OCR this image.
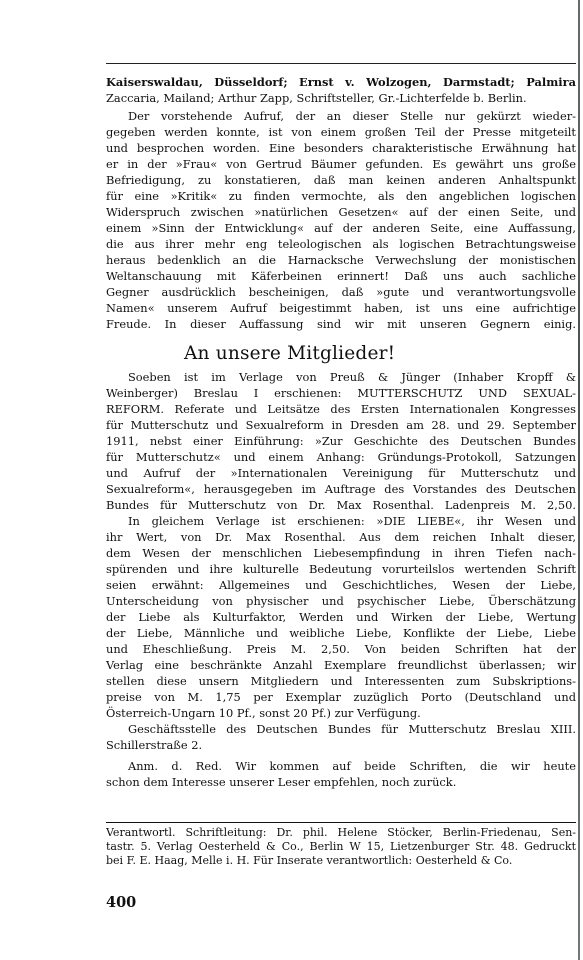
Kaiserswaldau, Düsseldorf; Ernst v. Wolzogen, Darmstadt; Palmira
Zaccaria, Mailand; Arthur Zapp, Schriftsteller, Gr.-Lichterfelde b. Berlin.
Der vorstehende Aufruf, der an dieser Stelle nur gekürzt wieder-
gegeben werden konnte, ist von einem großen Teil der Presse mitgeteilt
und besprochen worden. Eine besonders charakteristische Erwähnung hat
er in der »Frau« von Gertrud Bäumer gefunden. Es gewährt uns große
Befriedigung, zu konstatieren, daß man keinen anderen Anhaltspunkt
für eine »Kritik« zu finden vermochte, als den angeblichen logischen
Widerspruch zwischen »natürlichen Gesetzen« auf der einen Seite, und
einem »Sinn der Entwicklung« auf der anderen Seite, eine Auffassung,
die aus ihrer mehr eng teleologischen als logischen Betrachtungsweise
heraus bedenklich an die Harnacksche Verwechslung der monistischen
Weltanschauung mit Käferbeinen erinnert! Daß uns auch sachliche
Gegner ausdrücklich bescheinigen, daß »gute und verantwortungsvolle
Namen« unserem Aufruf beigestimmt haben, ist uns eine aufrichtige
Freude. In dieser Auffassung sind wir mit unseren Gegnern einig.
An unsere Mitglieder!
Soeben ist im Verlage von Preuß & Jünger (Inhaber Kropff &
Weinberger) Breslau I erschienen: MUTTERSCHUTZ UND SEXUAL-
REFORM. Referate und Leitsätze des Ersten Internationalen Kongresses
für Mutterschutz und Sexualreform in Dresden am 28. und 29. September
1911, nebst einer Einführung: »Zur Geschichte des Deutschen Bundes
für Mutterschutz« und einem Anhang: Gründungs-Protokoll, Satzungen
und Aufruf der »Internationalen Vereinigung für Mutterschutz und
Sexualreform«, herausgegeben im Auftrage des Vorstandes des Deutschen
Bundes für Mutterschutz von Dr. Max Rosenthal. Ladenpreis M. 2,50.
In gleichem Verlage ist erschienen: »DIE LIEBE«, ihr Wesen und
ihr Wert, von Dr. Max Rosenthal. Aus dem reichen Inhalt dieser,
dem Wesen der menschlichen Liebesempfindung in ihren Tiefen nach-
spürenden und ihre kulturelle Bedeutung vorurteilslos wertenden Schrift
seien erwähnt: Allgemeines und Geschichtliches, Wesen der Liebe,
Unterscheidung von physischer und psychischer Liebe, Überschätzung
der Liebe als Kulturfaktor, Werden und Wirken der Liebe, Wertung
der Liebe, Männliche und weibliche Liebe, Konflikte der Liebe, Liebe
und Eheschließung. Preis M. 2,50. Von beiden Schriften hat der
Verlag eine beschränkte Anzahl Exemplare freundlichst überlassen; wir
stellen diese unsern Mitgliedern und Interessenten zum Subskriptions-
preise von M. 1,75 per Exemplar zuzüglich Porto (Deutschland und
Österreich-Ungarn 10 Pf., sonst 20 Pf.) zur Verfügung.
Geschäftsstelle des Deutschen Bundes für Mutterschutz Breslau XIII.
Schillerstraße 2.
Anm. d. Red. Wir kommen auf beide Schriften, die wir heute
schon dem Interesse unserer Leser empfehlen, noch zurück.
Verantwortl. Schriftleitung: Dr. phil. Helene Stöcker, Berlin-Friedenau, Sen-
tastr. 5. Verlag Oesterheld & Co., Berlin W 15, Lietzenburger Str. 48. Gedruckt
bei F. E. Haag, Melle i. H. Für Inserate verantwortlich: Oesterheld & Co.
400
